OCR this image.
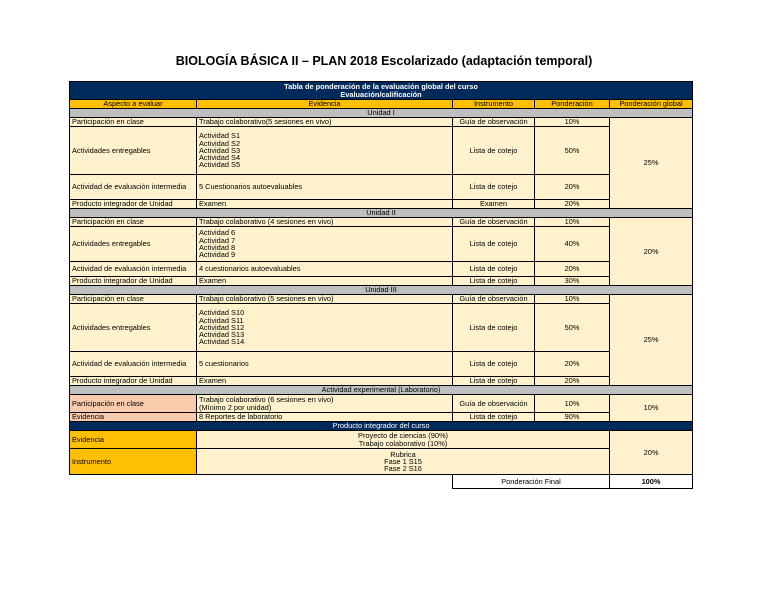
BIOLOGÍA BÁSICA II – PLAN 2018 Escolarizado (adaptación temporal)
Tabla de ponderación de la evaluación global del curso
Evaluación/calificación				

Aspecto a evaluar	Evidencia	Instrumento	Ponderación	Ponderación global
Unidad I				
Participación en clase	Trabajo colaborativo(5 sesiones en vivo)	Guía de observación	10%	25%
Actividades entregables	Actividad S1
Actividad S2
Actividad S3
Actividad S4
Actividad S5	Lista de cotejo	50%	
Actividad de evaluación intermedia	5 Cuestionarios autoevaluables	Lista de cotejo	20%	
Producto integrador de Unidad	Examen	Examen	20%	
Unidad II				
Participación en clase	Trabajo colaborativo (4 sesiones en vivo)	Guía de observación	10%	20%
Actividades entregables	Actividad 6
Actividad 7
Actividad 8
Actividad 9	Lista de cotejo	40%	
Actividad de evaluación intermedia	4 cuestionarios autoevaluables	Lista de cotejo	20%	
Producto integrador de Unidad	Examen	Lista de cotejo	30%	
Unidad III				
Participación en clase	Trabajo colaborativo (5 sesiones en vivo)	Guía de observación	10%	25%
Actividades entregables	Actividad S10
Actividad S11
Actividad S12
Actividad S13
Actividad S14	Lista de cotejo	50%	
Actividad de evaluación intermedia	5 cuestionarios	Lista de cotejo	20%	
Producto integrador de Unidad	Examen	Lista de cotejo	20%	
Actividad experimental (Laboratorio)				
Participación en clase	Trabajo colaborativo (6 sesiones en vivo)
(Mínimo 2 por unidad)	Guía de observación	10%	10%
Evidencia	8 Reportes de laboratorio	Lista de cotejo	90%	
Producto integrador del curso				
Evidencia	Proyecto de ciencias (90%)
Trabajo colaborativo (10%)			20%
Instrumento	Rubrica
Fase 1 S15
Fase 2 S16			

		Ponderación Final		100%
